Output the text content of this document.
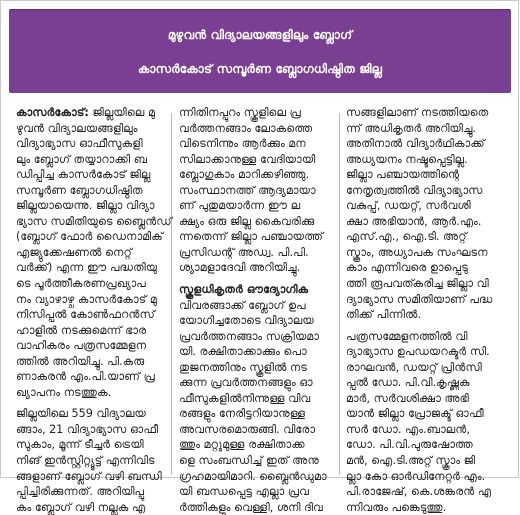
മുഴുവന്‍ വിദ്യാലയങ്ങളിലും ബ്ലോഗ്
കാസര്‍കോട് സമ്പൂര്‍ണ ബ്ലോഗധിഷ്ഠിത ജില്ല
കാസര്‍കോട്: ജില്ലയിലെ മു
ഴുവന്‍ വിദ്യാലയങ്ങളിലും
വിദ്യാഭ്യാസ ഓഫീസുകളി
ലും ബ്ലോഗ് തയ്യാറാക്കി ബ
ഡിപ്പിച്ച കാസര്‍കോട് ജില്ല
സമ്പൂര്‍ണ ബ്ലോഗധിഷ്ഠിത
ജില്ലയായെന്നു. ജില്ലാ വിദ്യാ
ഭ്യാസ സമിതിയുടെ ബ്ലൈന്‍ഡ്
(ബ്ലോഗ് ഫോര്‍ ഡൈനാമിക്
എജ്യുക്കേഷണല്‍ നെറ്റ്
വര്‍ക്ക്) എന്ന ഈ പദ്ധതിയു
ടെ പൂര്‍ത്തീകരണപ്രഖ്യാപ
നം വ്യാഴാഴ്ച കാസര്‍കോട് മു
നിസിപ്പല്‍ കോണ്‍ഫറന്‍സ്
ഹാളില്‍ നടക്കുമെന്ന് ഭാര
വാഹികരം പത്രസമ്മേളന
ത്തില്‍ അറിയിച്ചു. പി.കരു
ണാകരന്‍ എം.പി.യാണ് പ്ര
ഖ്യാപനം നടത്തുക.
ജില്ലയിലെ 559 വിദ്യാലയ
ങ്ങാം, 21 വിദ്യാഭ്യാസ ഓഫീ
സുകാം, മൂന്ന് ടീച്ചര്‍ ട്രെയി
നിങ് ഇന്‍സ്റ്റിറ്റ്യൂട്ട് എന്നിവിട
ങ്ങളാണ് ബ്ലോഗ് വഴി ബന്ധി
പ്പിച്ചിരിക്കുന്നത്. അറിയിപ്പു
കം ബ്ലോഗ് വഴി നല്ലക എ
ന്നിതിനപ്പുറം സ്കൂളിലെ പ്ര
വര്‍ത്തനങ്ങാം ലോകത്തെ
വിടെനിന്നും ആര്‍ക്കും മന
സിലാക്കാനുള്ള വേദിയായി
ബ്ലോഗുകാം മാറിക്കഴിഞ്ഞു.
സംസ്ഥാനത്ത് ആദ്യമായാ
ണ് പുതുമയാര്‍ന്ന ഈ ല
ക്ഷ്യം ഒരു ജില്ല കൈവരിക്കു
ന്നതെന്ന് ജില്ലാ പഞ്ചായത്ത്
പ്രസിഡന്റ് അഡ്വ. പി.പി.
ശ്യാമളാദേവി അറിയിച്ചു.
സ്കൂളധികൃതര്‍ ഔദ്യോഗിക
വിവരങ്ങാക്ക് ബ്ലോഗ് ഉപ
യോഗിച്ചതോടെ വിദ്യാലയ
പ്രവര്‍ത്തനങ്ങാം സക്രിയമാ
യി. രക്ഷിതാക്കാക്കും പൊ
തുജനത്തിനും സ്കൂളില്‍ നട
ക്കുന്ന പ്രവര്‍ത്തനങ്ങളും ഓ
ഫീസുകളില്‍നിന്നുള്ള വിവ
രങ്ങളും നേരിട്ടറിയാനുള്ള
അവസരമൊരുങ്ങി. വിരോ
ത്തും മറ്റുമുള്ള രക്ഷിതാക്ക
ളെ സംബന്ധിച്ച് ഇത് അനു
ഗ്രഹമായിമാറി. ബ്ലൈന്‍ഡുമാ
യി ബന്ധപ്പെട്ട എല്ലാ പ്രവ
ര്‍ത്തികളും വെള്ളി, ശനി ദിവ
സങ്ങളിലാണ് നടത്തിയതെ
ന്ന് അധികൃതര്‍ അറിയിച്ചു.
അതിനാല്‍ വിദ്യാര്‍ഥികാക്ക്
അധ്യയനം നഷ്ടപ്പെട്ടില്ല.
ജില്ലാ പഞ്ചായത്തിന്റെ
നേതൃത്വത്തില്‍ വിദ്യാഭ്യാസ
വകുപ്പ്, ഡയറ്റ്, സര്‍വശി
ക്ഷാ അഭിയാന്‍, ആര്‍.എം.
എസ്.എ., ഐ.ടി. അറ്റ്
സ്കൂാം, അധ്യാപക സംഘടന
കാം എന്നിവരെ ഉാപ്പെടു
ത്തി രൂപവത്കരിച്ച ജില്ലാ വി
ദ്യാഭ്യാസ സമിതിയാണ് പദ്ധ
തിക്ക് പിന്നില്‍.
പത്രസമ്മേളനത്തില്‍ വി
ദ്യാഭ്യാസ ഉപഡയറക്ടര്‍ സി.
രാഘവന്‍, ഡയറ്റ് പ്രിന്‍സി
പ്പല്‍ ഡോ. പി.വി.കൃഷ്ണകു
മാര്‍, സര്‍വശിക്ഷാ അഭി
യാന്‍ ജില്ലാ പ്രോജക്ട് ഓഫീ
സര്‍ ഡോ. എം.ബാലന്‍,
ഡോ. പി.വി.പുരുഷോത്ത
മന്‍, ഐ.ടി.അറ്റ് സ്കൂാം ജി
ല്ലാ കോ ഓര്‍ഡിനേറ്റര്‍ എം.
പി.രാജേഷ്, കെ.ശങ്കരന്‍ എ
ന്നിവരും പങ്കെടുത്തു.
